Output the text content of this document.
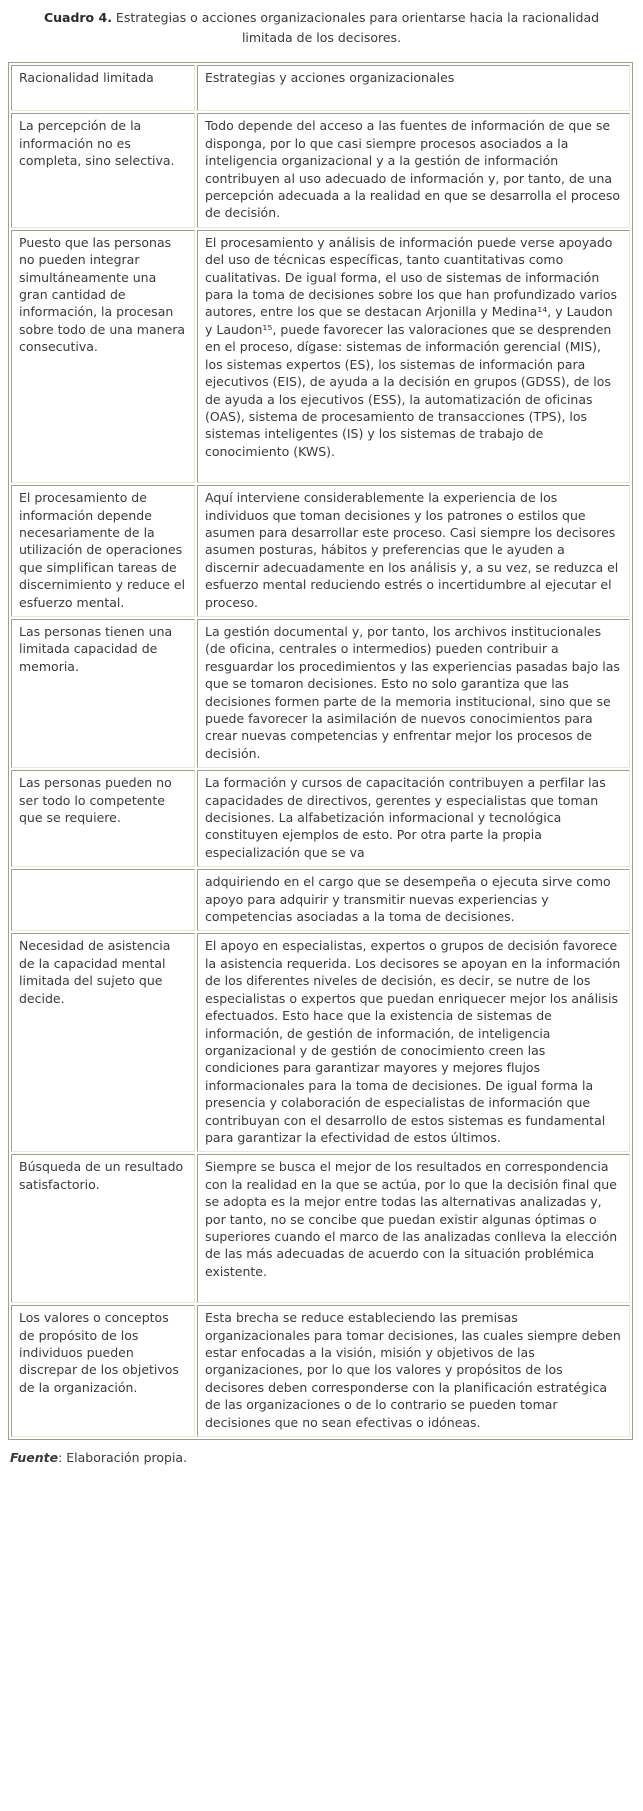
Cuadro 4. Estrategias o acciones organizacionales para orientarse hacia la racionalidad limitada de los decisores.

Racionalidad limitada	Estrategias y acciones organizacionales
La percepción de la información no es completa, sino selectiva.	Todo depende del acceso a las fuentes de información de que se disponga, por lo que casi siempre procesos asociados a la inteligencia organizacional y a la gestión de información contribuyen al uso adecuado de información y, por tanto, de una percepción adecuada a la realidad en que se desarrolla el proceso de decisión.
Puesto que las personas no pueden integrar simultáneamente una gran cantidad de información, la procesan sobre todo de una manera consecutiva.	El procesamiento y análisis de información puede verse apoyado del uso de técnicas específicas, tanto cuantitativas como cualitativas. De igual forma, el uso de sistemas de información para la toma de decisiones sobre los que han profundizado varios autores, entre los que se destacan Arjonilla y Medina¹⁴, y Laudon y Laudon¹⁵, puede favorecer las valoraciones que se desprenden en el proceso, dígase: sistemas de información gerencial (MIS), los sistemas expertos (ES), los sistemas de información para ejecutivos (EIS), de ayuda a la decisión en grupos (GDSS), de los de ayuda a los ejecutivos (ESS), la automatización de oficinas (OAS), sistema de procesamiento de transacciones (TPS), los sistemas inteligentes (IS) y los sistemas de trabajo de conocimiento (KWS).
El procesamiento de información depende necesariamente de la utilización de operaciones que simplifican tareas de discernimiento y reduce el esfuerzo mental.	Aquí interviene considerablemente la experiencia de los individuos que toman decisiones y los patrones o estilos que asumen para desarrollar este proceso. Casi siempre los decisores asumen posturas, hábitos y preferencias que le ayuden a discernir adecuadamente en los análisis y, a su vez, se reduzca el esfuerzo mental reduciendo estrés o incertidumbre al ejecutar el proceso.
Las personas tienen una limitada capacidad de memoria.	La gestión documental y, por tanto, los archivos institucionales (de oficina, centrales o intermedios) pueden contribuir a resguardar los procedimientos y las experiencias pasadas bajo las que se tomaron decisiones. Esto no solo garantiza que las decisiones formen parte de la memoria institucional, sino que se puede favorecer la asimilación de nuevos conocimientos para crear nuevas competencias y enfrentar mejor los procesos de decisión.
Las personas pueden no ser todo lo competente que se requiere.	La formación y cursos de capacitación contribuyen a perfilar las capacidades de directivos, gerentes y especialistas que toman decisiones. La alfabetización informacional y tecnológica constituyen ejemplos de esto. Por otra parte la propia especialización que se va
	adquiriendo en el cargo que se desempeña o ejecuta sirve como apoyo para adquirir y transmitir nuevas experiencias y competencias asociadas a la toma de decisiones.
Necesidad de asistencia de la capacidad mental limitada del sujeto que decide.	El apoyo en especialistas, expertos o grupos de decisión favorece la asistencia requerida. Los decisores se apoyan en la información de los diferentes niveles de decisión, es decir, se nutre de los especialistas o expertos que puedan enriquecer mejor los análisis efectuados. Esto hace que la existencia de sistemas de información, de gestión de información, de inteligencia organizacional y de gestión de conocimiento creen las condiciones para garantizar mayores y mejores flujos informacionales para la toma de decisiones. De igual forma la presencia y colaboración de especialistas de información que contribuyan con el desarrollo de estos sistemas es fundamental para garantizar la efectividad de estos últimos.
Búsqueda de un resultado satisfactorio.	Siempre se busca el mejor de los resultados en correspondencia con la realidad en la que se actúa, por lo que la decisión final que se adopta es la mejor entre todas las alternativas analizadas y, por tanto, no se concibe que puedan existir algunas óptimas o superiores cuando el marco de las analizadas conlleva la elección de las más adecuadas de acuerdo con la situación problémica existente.
Los valores o conceptos de propósito de los individuos pueden discrepar de los objetivos de la organización.	Esta brecha se reduce estableciendo las premisas organizacionales para tomar decisiones, las cuales siempre deben estar enfocadas a la visión, misión y objetivos de las organizaciones, por lo que los valores y propósitos de los decisores deben corresponderse con la planificación estratégica de las organizaciones o de lo contrario se pueden tomar decisiones que no sean efectivas o idóneas.

Fuente: Elaboración propia.
